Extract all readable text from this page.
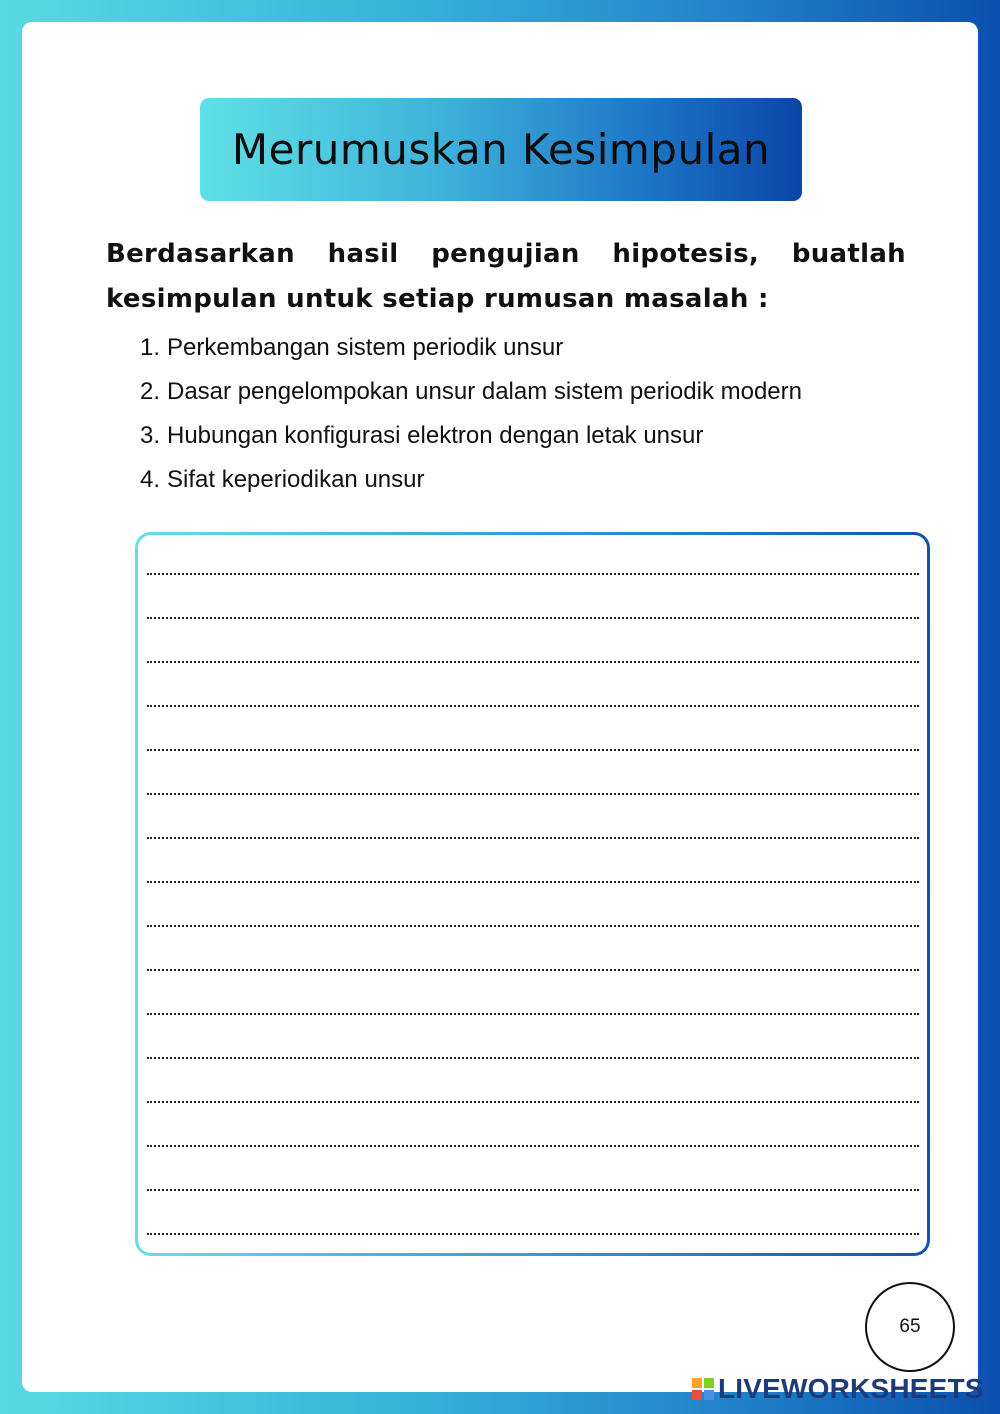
Merumuskan Kesimpulan
Berdasarkan hasil pengujian hipotesis, buatlah kesimpulan untuk setiap rumusan masalah :
1. Perkembangan sistem periodik unsur
2. Dasar pengelompokan unsur dalam sistem periodik modern
3. Hubungan konfigurasi elektron dengan letak unsur
4. Sifat keperiodikan unsur
65
LIVEWORKSHEETS
